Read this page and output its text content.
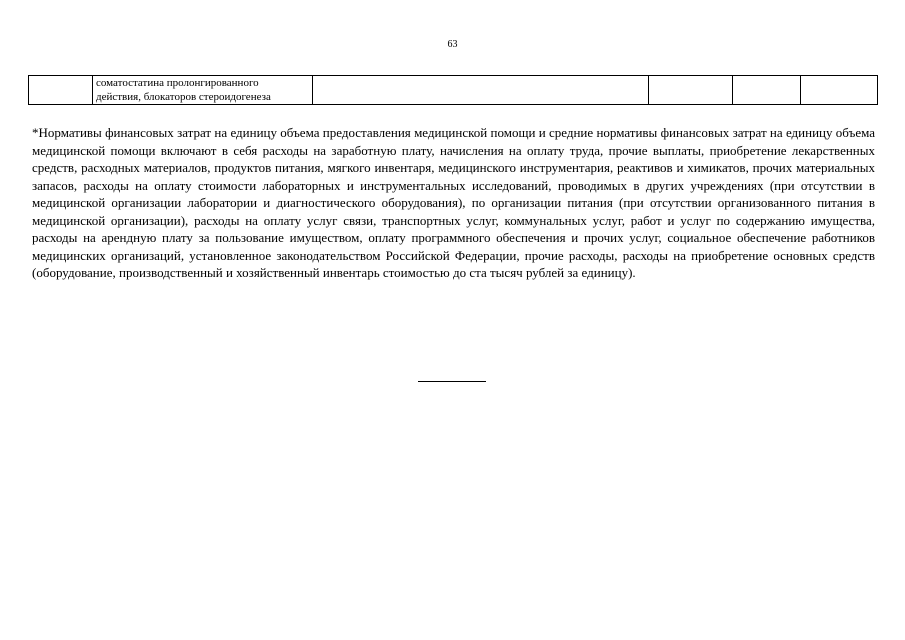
63
	соматостатина пролонгированного
действия, блокаторов стероидогенеза				

*Нормативы финансовых затрат на единицу объема предоставления медицинской помощи и средние нормативы финансовых затрат на единицу объема медицинской помощи включают в себя расходы на заработную плату, начисления на оплату труда, прочие выплаты, приобретение лекарственных средств, расходных материалов, продуктов питания, мягкого инвентаря, медицинского инструментария, реактивов и химикатов, прочих материальных запасов, расходы на оплату стоимости лабораторных и инструментальных исследований, проводимых в других учреждениях (при отсутствии в медицинской организации лаборатории и диагностического оборудования), по организации питания (при отсутствии организованного питания в медицинской организации), расходы на оплату услуг связи, транспортных услуг, коммунальных услуг, работ и услуг по содержанию имущества, расходы на арендную плату за пользование имуществом, оплату программного обеспечения и прочих услуг, социальное обеспечение работников медицинских организаций, установленное законодательством Российской Федерации, прочие расходы, расходы на приобретение основных средств (оборудование, производственный и хозяйственный инвентарь стоимостью до ста тысяч рублей за единицу).
